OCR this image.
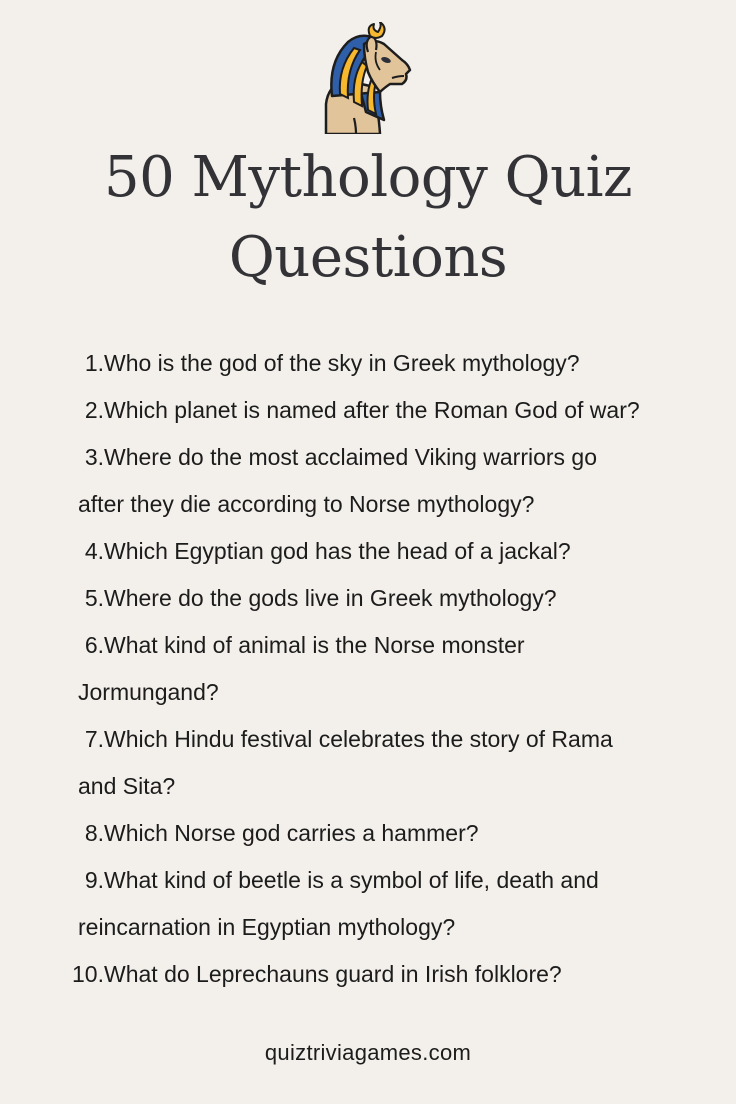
50 Mythology Quiz
Questions
1. Who is the god of the sky in Greek mythology?
2. Which planet is named after the Roman God of war?
3. Where do the most acclaimed Viking warriors go
after they die according to Norse mythology?
4. Which Egyptian god has the head of a jackal?
5. Where do the gods live in Greek mythology?
6. What kind of animal is the Norse monster
Jormungand?
7. Which Hindu festival celebrates the story of Rama
and Sita?
8. Which Norse god carries a hammer?
9. What kind of beetle is a symbol of life, death and
reincarnation in Egyptian mythology?
10. What do Leprechauns guard in Irish folklore?
quiztriviagames.com
